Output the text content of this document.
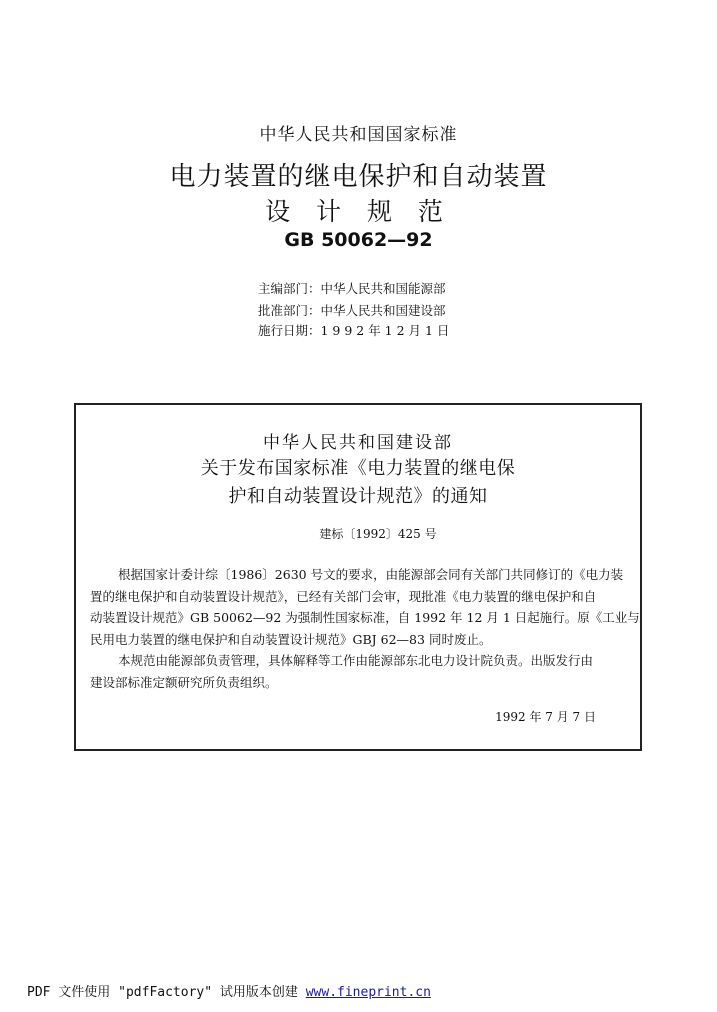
中华人民共和国国家标准
电力装置的继电保护和自动装置
设 计 规 范
GB 50062—92
主编部门：中华人民共和国能源部
批准部门：中华人民共和国建设部
施行日期：1 9 9 2 年 1 2 月 1 日
中华人民共和国建设部
关于发布国家标准《电力装置的继电保
护和自动装置设计规范》的通知
建标〔1992〕425 号
根据国家计委计综〔1986〕2630 号文的要求，由能源部会同有关部门共同修订的《电力装
置的继电保护和自动装置设计规范》，已经有关部门会审，现批准《电力装置的继电保护和自
动装置设计规范》GB 50062—92 为强制性国家标准，自 1992 年 12 月 1 日起施行。原《工业与
民用电力装置的继电保护和自动装置设计规范》GBJ 62—83 同时废止。
本规范由能源部负责管理，具体解释等工作由能源部东北电力设计院负责。出版发行由
建设部标准定额研究所负责组织。
1992 年 7 月 7 日
PDF 文件使用 "pdfFactory" 试用版本创建 www.fineprint.cn
